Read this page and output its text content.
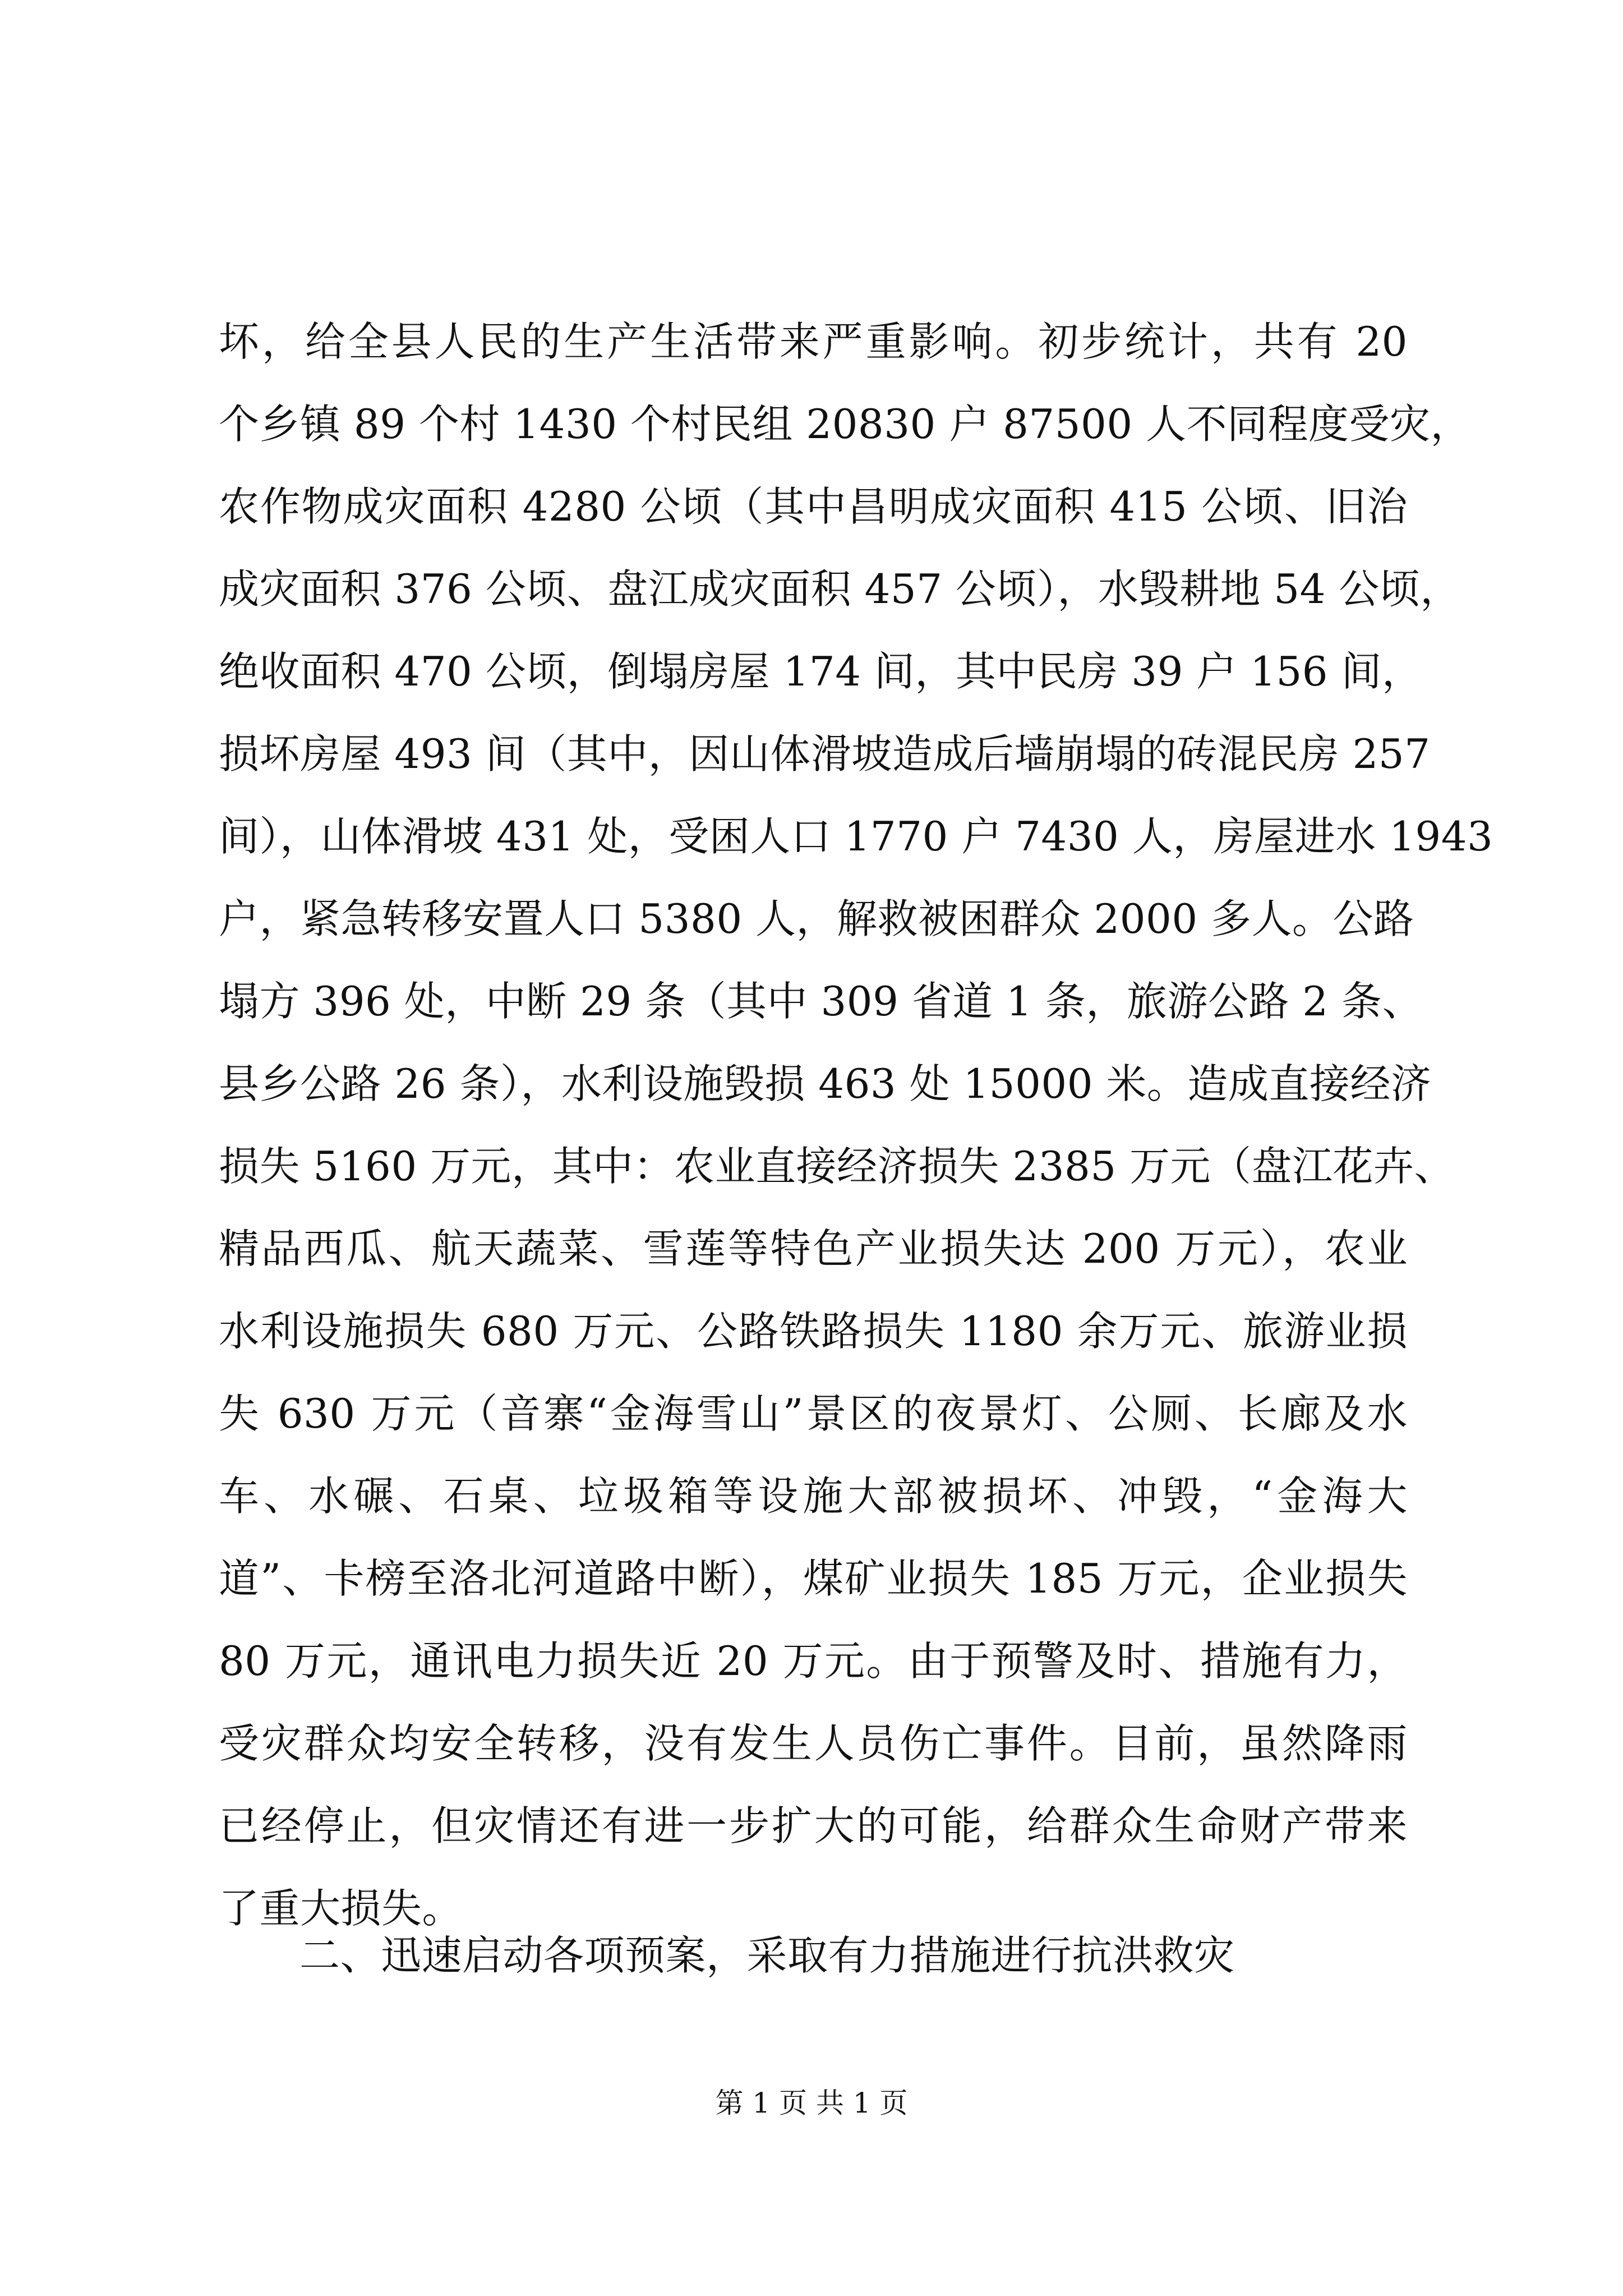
坏，给全县人民的生产生活带来严重影响。初步统计，共有 20
个乡镇 89 个村 1430 个村民组 20830 户 87500 人不同程度受灾，
农作物成灾面积 4280 公顷（其中昌明成灾面积 415 公顷、旧治
成灾面积 376 公顷、盘江成灾面积 457 公顷），水毁耕地 54 公顷，
绝收面积 470 公顷，倒塌房屋 174 间，其中民房 39 户 156 间，
损坏房屋 493 间（其中，因山体滑坡造成后墙崩塌的砖混民房 257
间），山体滑坡 431 处，受困人口 1770 户 7430 人，房屋进水 1943
户，紧急转移安置人口 5380 人，解救被困群众 2000 多人。公路
塌方 396 处，中断 29 条（其中 309 省道 1 条，旅游公路 2 条、
县乡公路 26 条），水利设施毁损 463 处 15000 米。造成直接经济
损失 5160 万元，其中：农业直接经济损失 2385 万元（盘江花卉、
精品西瓜、航天蔬菜、雪莲等特色产业损失达 200 万元），农业
水利设施损失 680 万元、公路铁路损失 1180 余万元、旅游业损
失 630 万元（音寨“金海雪山”景区的夜景灯、公厕、长廊及水
车、水碾、石桌、垃圾箱等设施大部被损坏、冲毁，“金海大
道”、卡榜至洛北河道路中断），煤矿业损失 185 万元，企业损失
80 万元，通讯电力损失近 20 万元。由于预警及时、措施有力，
受灾群众均安全转移，没有发生人员伤亡事件。目前，虽然降雨
已经停止，但灾情还有进一步扩大的可能，给群众生命财产带来
了重大损失。

二、迅速启动各项预案，采取有力措施进行抗洪救灾
第 1 页 共 1 页
